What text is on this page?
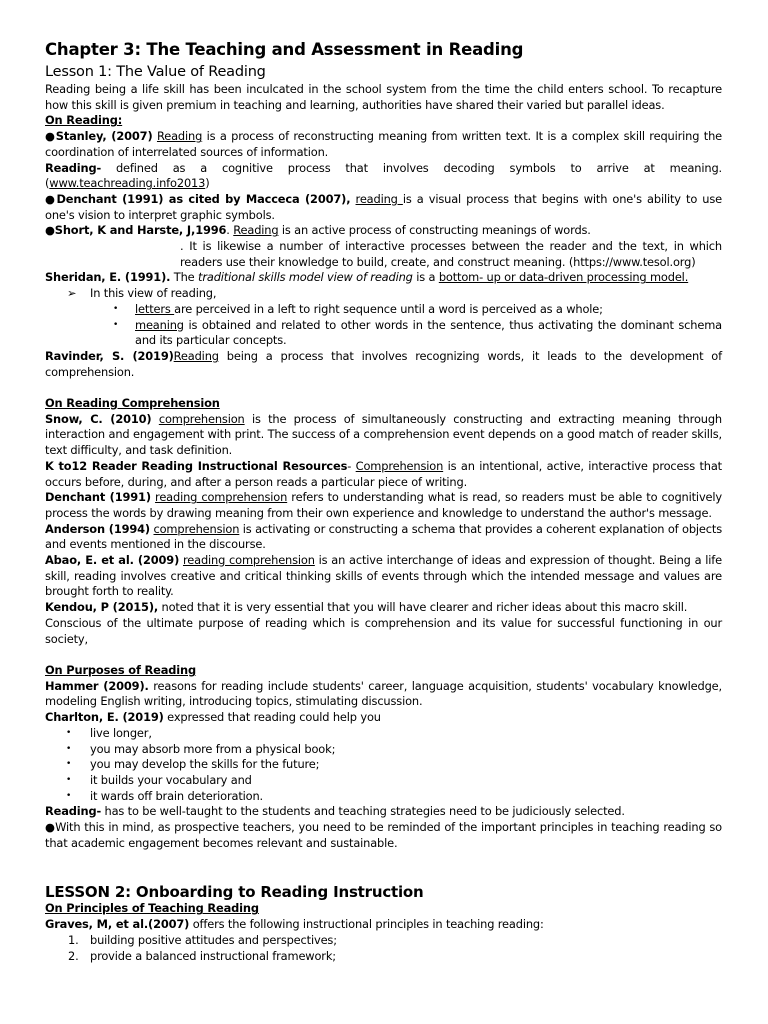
Chapter 3: The Teaching and Assessment in Reading
Lesson 1: The Value of Reading

Reading being a life skill has been inculcated in the school system from the time the child enters school. To recapture how this skill is given premium in teaching and learning, authorities have shared their varied but parallel ideas.

On Reading:

●Stanley, (2007) Reading is a process of reconstructing meaning from written text. It is a complex skill requiring the coordination of interrelated sources of information.

Reading- defined as a cognitive process that involves decoding symbols to arrive at meaning. (www.teachreading.info2013)

●Denchant (1991) as cited by Macceca (2007), reading is a visual process that begins with one's ability to use one's vision to interpret graphic symbols.

●Short, K and Harste, J,1996. Reading is an active process of constructing meanings of words.

. It is likewise a number of interactive processes between the reader and the text, in which readers use their knowledge to build, create, and construct meaning. (https://www.tesol.org)

Sheridan, E. (1991). The traditional skills model view of reading is a bottom- up or data-driven processing model.

➢ In this view of reading,
• letters are perceived in a left to right sequence until a word is perceived as a whole;
• meaning is obtained and related to other words in the sentence, thus activating the dominant schema and its particular concepts.

Ravinder, S. (2019)Reading being a process that involves recognizing words, it leads to the development of comprehension.

On Reading Comprehension

Snow, C. (2010) comprehension is the process of simultaneously constructing and extracting meaning through interaction and engagement with print. The success of a comprehension event depends on a good match of reader skills, text difficulty, and task definition.

K to12 Reader Reading Instructional Resources- Comprehension is an intentional, active, interactive process that occurs before, during, and after a person reads a particular piece of writing.

Denchant (1991) reading comprehension refers to understanding what is read, so readers must be able to cognitively process the words by drawing meaning from their own experience and knowledge to understand the author's message.

Anderson (1994) comprehension is activating or constructing a schema that provides a coherent explanation of objects and events mentioned in the discourse.

Abao, E. et al. (2009) reading comprehension is an active interchange of ideas and expression of thought. Being a life skill, reading involves creative and critical thinking skills of events through which the intended message and values are brought forth to reality.

Kendou, P (2015), noted that it is very essential that you will have clearer and richer ideas about this macro skill.

Conscious of the ultimate purpose of reading which is comprehension and its value for successful functioning in our society,

On Purposes of Reading

Hammer (2009). reasons for reading include students' career, language acquisition, students' vocabulary knowledge, modeling English writing, introducing topics, stimulating discussion.

Charlton, E. (2019) expressed that reading could help you

• live longer,
• you may absorb more from a physical book;
• you may develop the skills for the future;
• it builds your vocabulary and
• it wards off brain deterioration.

Reading- has to be well-taught to the students and teaching strategies need to be judiciously selected.

●With this in mind, as prospective teachers, you need to be reminded of the important principles in teaching reading so that academic engagement becomes relevant and sustainable.

LESSON 2: Onboarding to Reading Instruction

On Principles of Teaching Reading

Graves, M, et al.(2007) offers the following instructional principles in teaching reading:

1. building positive attitudes and perspectives;
2. provide a balanced instructional framework;
